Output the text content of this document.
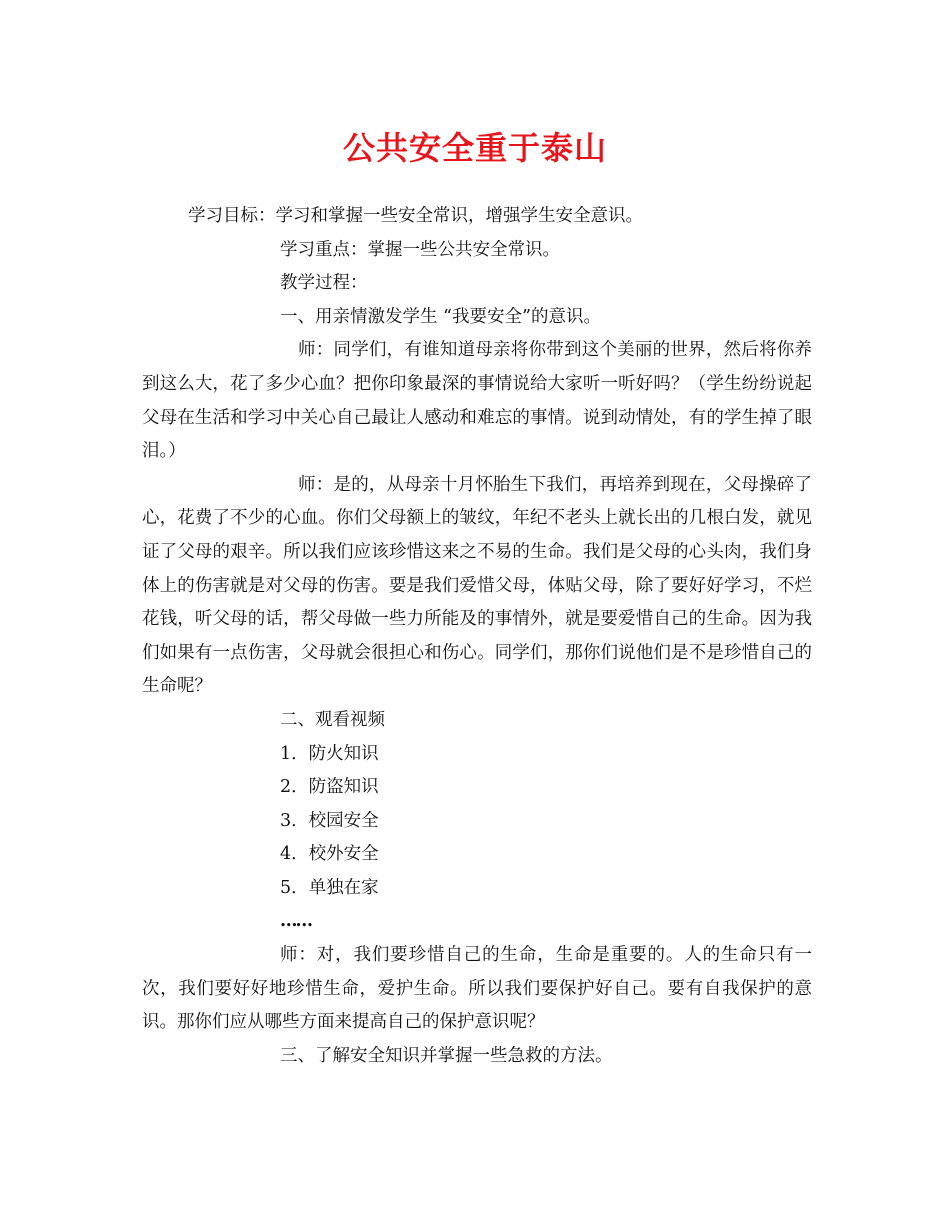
公共安全重于泰山
学习目标：学习和掌握一些安全常识，增强学生安全意识。
学习重点：掌握一些公共安全常识。
教学过程：
一、用亲情激发学生 “我要安全”的意识。
师：同学们，有谁知道母亲将你带到这个美丽的世界，然后将你养到这么大，花了多少心血？把你印象最深的事情说给大家听一听好吗？（学生纷纷说起父母在生活和学习中关心自己最让人感动和难忘的事情。说到动情处，有的学生掉了眼泪。）
师：是的，从母亲十月怀胎生下我们，再培养到现在，父母操碎了心，花费了不少的心血。你们父母额上的皱纹，年纪不老头上就长出的几根白发，就见证了父母的艰辛。所以我们应该珍惜这来之不易的生命。我们是父母的心头肉，我们身体上的伤害就是对父母的伤害。要是我们爱惜父母，体贴父母，除了要好好学习，不烂花钱，听父母的话，帮父母做一些力所能及的事情外，就是要爱惜自己的生命。因为我们如果有一点伤害，父母就会很担心和伤心。同学们，那你们说他们是不是珍惜自己的生命呢？
二、观看视频
1．防火知识
2．防盗知识
3．校园安全
4．校外安全
5．单独在家
……
师：对，我们要珍惜自己的生命，生命是重要的。人的生命只有一次，我们要好好地珍惜生命，爱护生命。所以我们要保护好自己。要有自我保护的意识。那你们应从哪些方面来提高自己的保护意识呢？
三、了解安全知识并掌握一些急救的方法。
